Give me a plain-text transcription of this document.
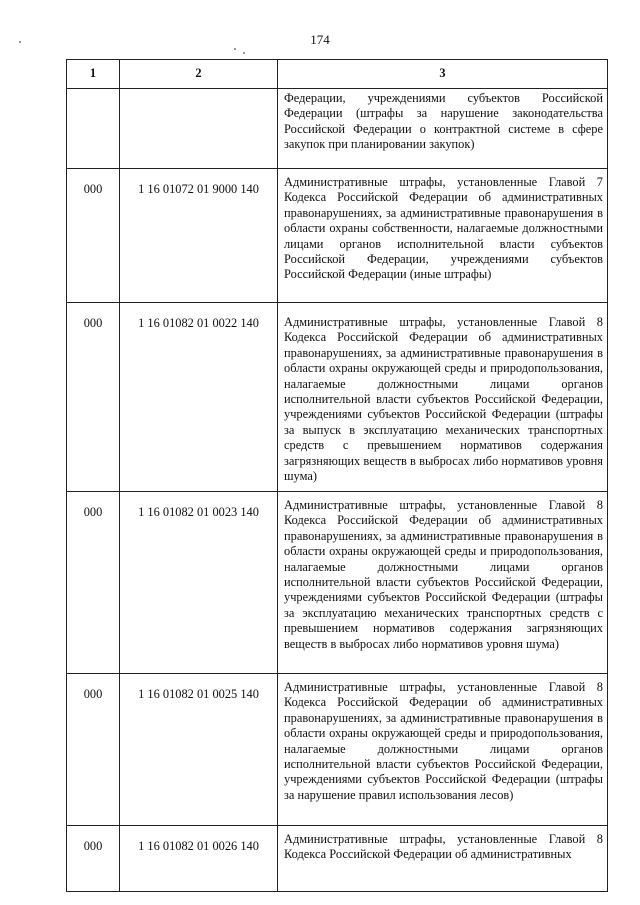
174
1	2	3
		Федерации, учреждениями субъектов Российской Федерации (штрафы за нарушение законодательства Российской Федерации о контрактной системе в сфере закупок при планировании закупок)
000	1 16 01072 01 9000 140	Административные штрафы, установленные Главой 7 Кодекса Российской Федерации об административных правонарушениях, за административные правонарушения в области охраны собственности, налагаемые должностными лицами органов исполнительной власти субъектов Российской Федерации, учреждениями субъектов Российской Федерации (иные штрафы)
000	1 16 01082 01 0022 140	Административные штрафы, установленные Главой 8 Кодекса Российской Федерации об административных правонарушениях, за административные правонарушения в области охраны окружающей среды и природопользования, налагаемые должностными лицами органов исполнительной власти субъектов Российской Федерации, учреждениями субъектов Российской Федерации (штрафы за выпуск в эксплуатацию механических транспортных средств с превышением нормативов содержания загрязняющих веществ в выбросах либо нормативов уровня шума)
000	1 16 01082 01 0023 140	Административные штрафы, установленные Главой 8 Кодекса Российской Федерации об административных правонарушениях, за административные правонарушения в области охраны окружающей среды и природопользования, налагаемые должностными лицами органов исполнительной власти субъектов Российской Федерации, учреждениями субъектов Российской Федерации (штрафы за эксплуатацию механических транспортных средств с превышением нормативов содержания загрязняющих веществ в выбросах либо нормативов уровня шума)
000	1 16 01082 01 0025 140	Административные штрафы, установленные Главой 8 Кодекса Российской Федерации об административных правонарушениях, за административные правонарушения в области охраны окружающей среды и природопользования, налагаемые должностными лицами органов исполнительной власти субъектов Российской Федерации, учреждениями субъектов Российской Федерации (штрафы за нарушение правил использования лесов)
000	1 16 01082 01 0026 140	Административные штрафы, установленные Главой 8 Кодекса Российской Федерации об административных
